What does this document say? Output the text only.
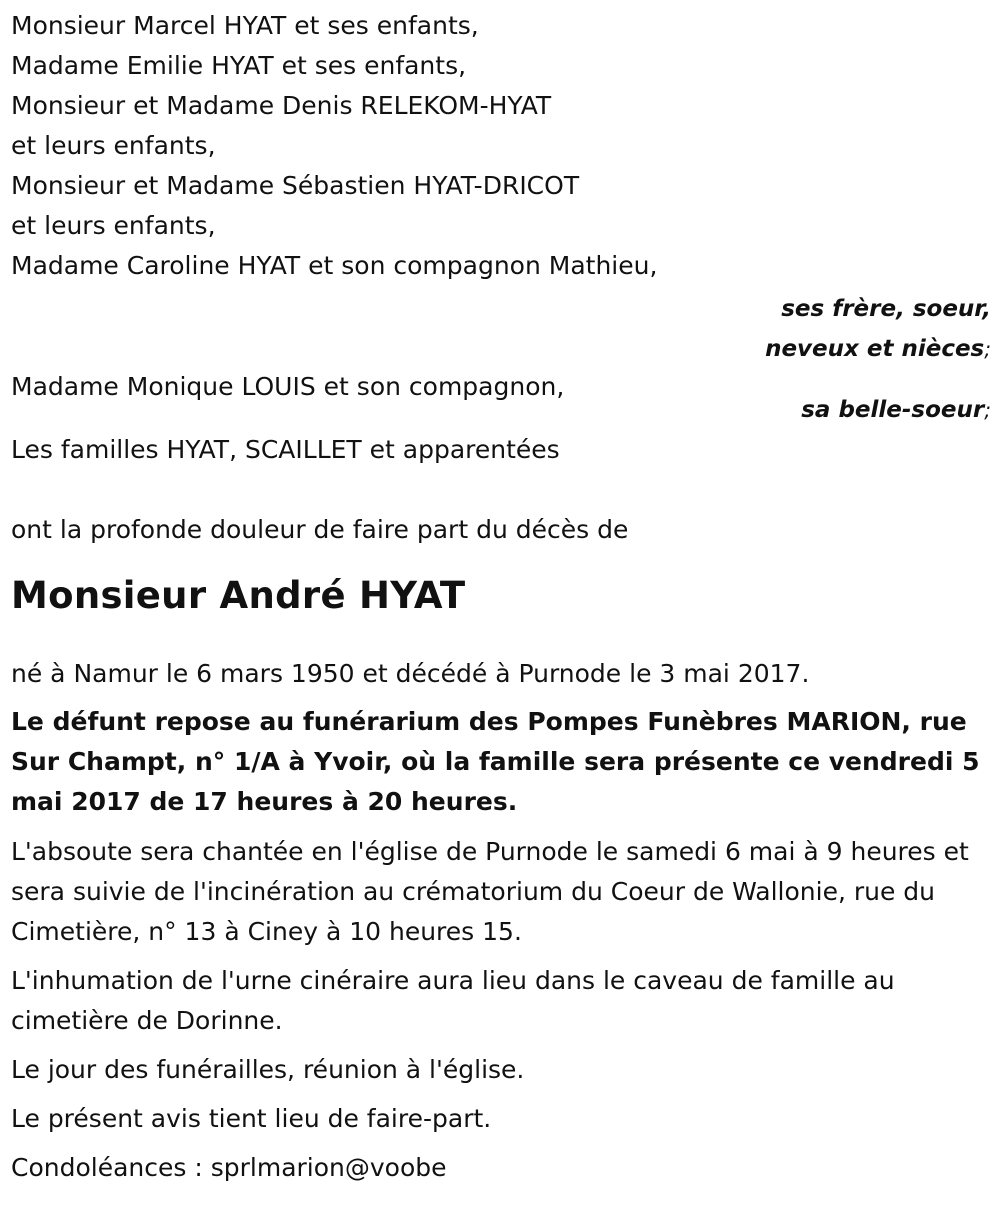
Monsieur Marcel HYAT et ses enfants,
Madame Emilie HYAT et ses enfants,
Monsieur et Madame Denis RELEKOM-HYAT
et leurs enfants,
Monsieur et Madame Sébastien HYAT-DRICOT
et leurs enfants,
Madame Caroline HYAT et son compagnon Mathieu,
ses frère, soeur,
neveux et nièces;
Madame Monique LOUIS et son compagnon,
sa belle-soeur;
Les familles HYAT, SCAILLET et apparentées
ont la profonde douleur de faire part du décès de
Monsieur André HYAT
né à Namur le 6 mars 1950 et décédé à Purnode le 3 mai 2017.
Le défunt repose au funérarium des Pompes Funèbres MARION, rue Sur Champt, n° 1/A à Yvoir, où la famille sera présente ce vendredi 5 mai 2017 de 17 heures à 20 heures.
L'absoute sera chantée en l'église de Purnode le samedi 6 mai à 9 heures et sera suivie de l'incinération au crématorium du Coeur de Wallonie, rue du Cimetière, n° 13 à Ciney à 10 heures 15.
L'inhumation de l'urne cinéraire aura lieu dans le caveau de famille au cimetière de Dorinne.
Le jour des funérailles, réunion à l'église.
Le présent avis tient lieu de faire-part.
Condoléances : sprlmarion@voobe
